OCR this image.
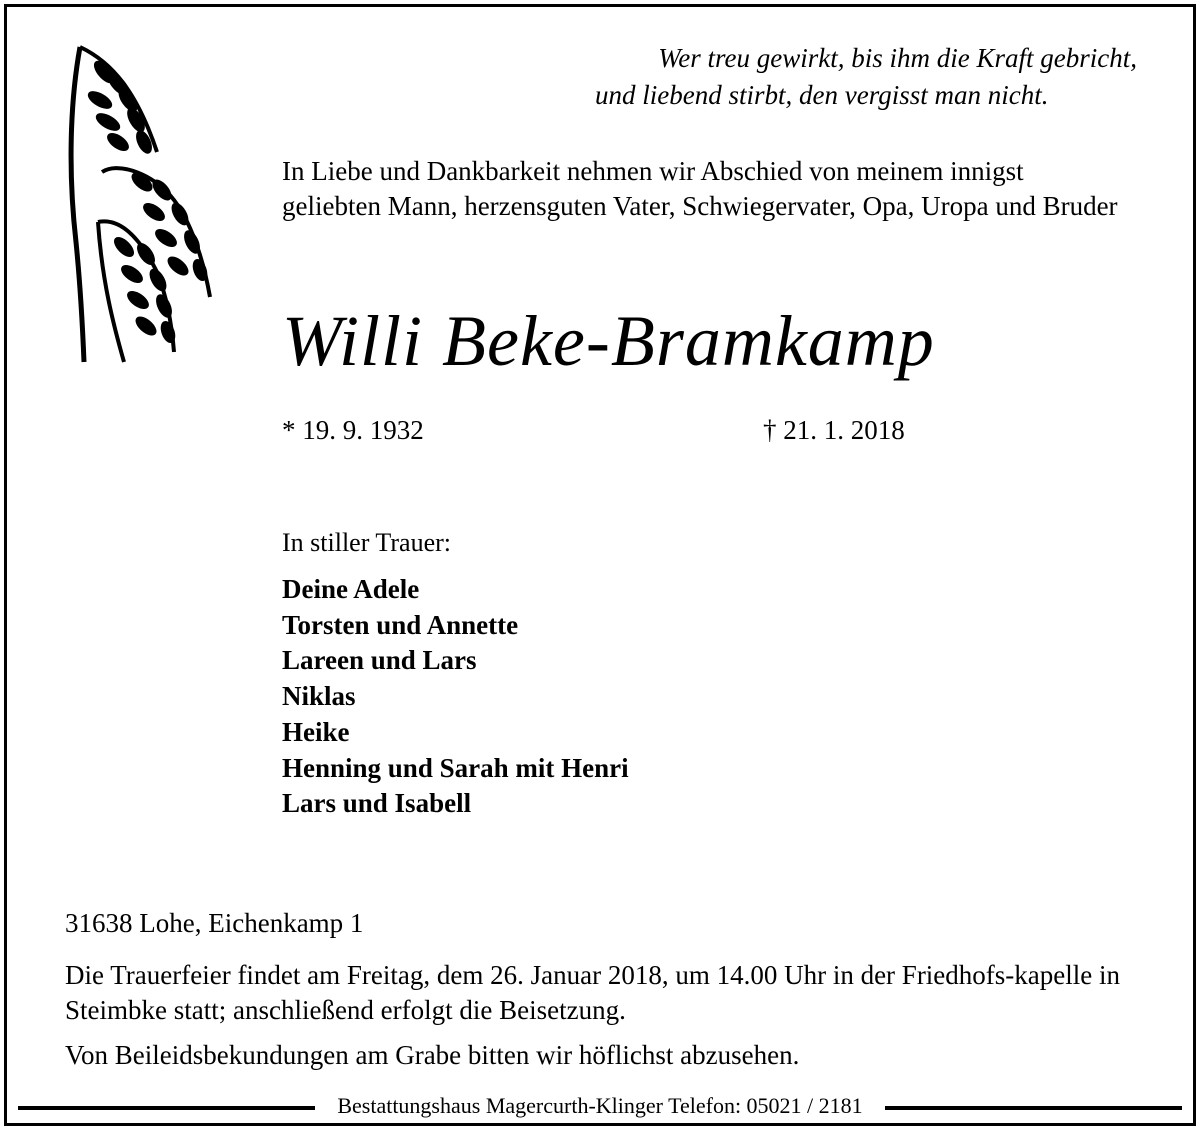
Wer treu gewirkt, bis ihm die Kraft gebricht,
und liebend stirbt, den vergisst man nicht.
In Liebe und Dankbarkeit nehmen wir Abschied von meinem innigst geliebten Mann, herzensguten Vater, Schwiegervater, Opa, Uropa und Bruder
Willi Beke-Bramkamp
* 19. 9. 1932	† 21. 1. 2018
In stiller Trauer:
Deine Adele
Torsten und Annette
Lareen und Lars
Niklas
Heike
Henning und Sarah mit Henri
Lars und Isabell
31638 Lohe, Eichenkamp 1
Die Trauerfeier findet am Freitag, dem 26. Januar 2018, um 14.00 Uhr in der Friedhofs-kapelle in Steimbke statt; anschließend erfolgt die Beisetzung.
Von Beileidsbekundungen am Grabe bitten wir höflichst abzusehen.
Bestattungshaus Magercurth-Klinger Telefon: 05021 / 2181
